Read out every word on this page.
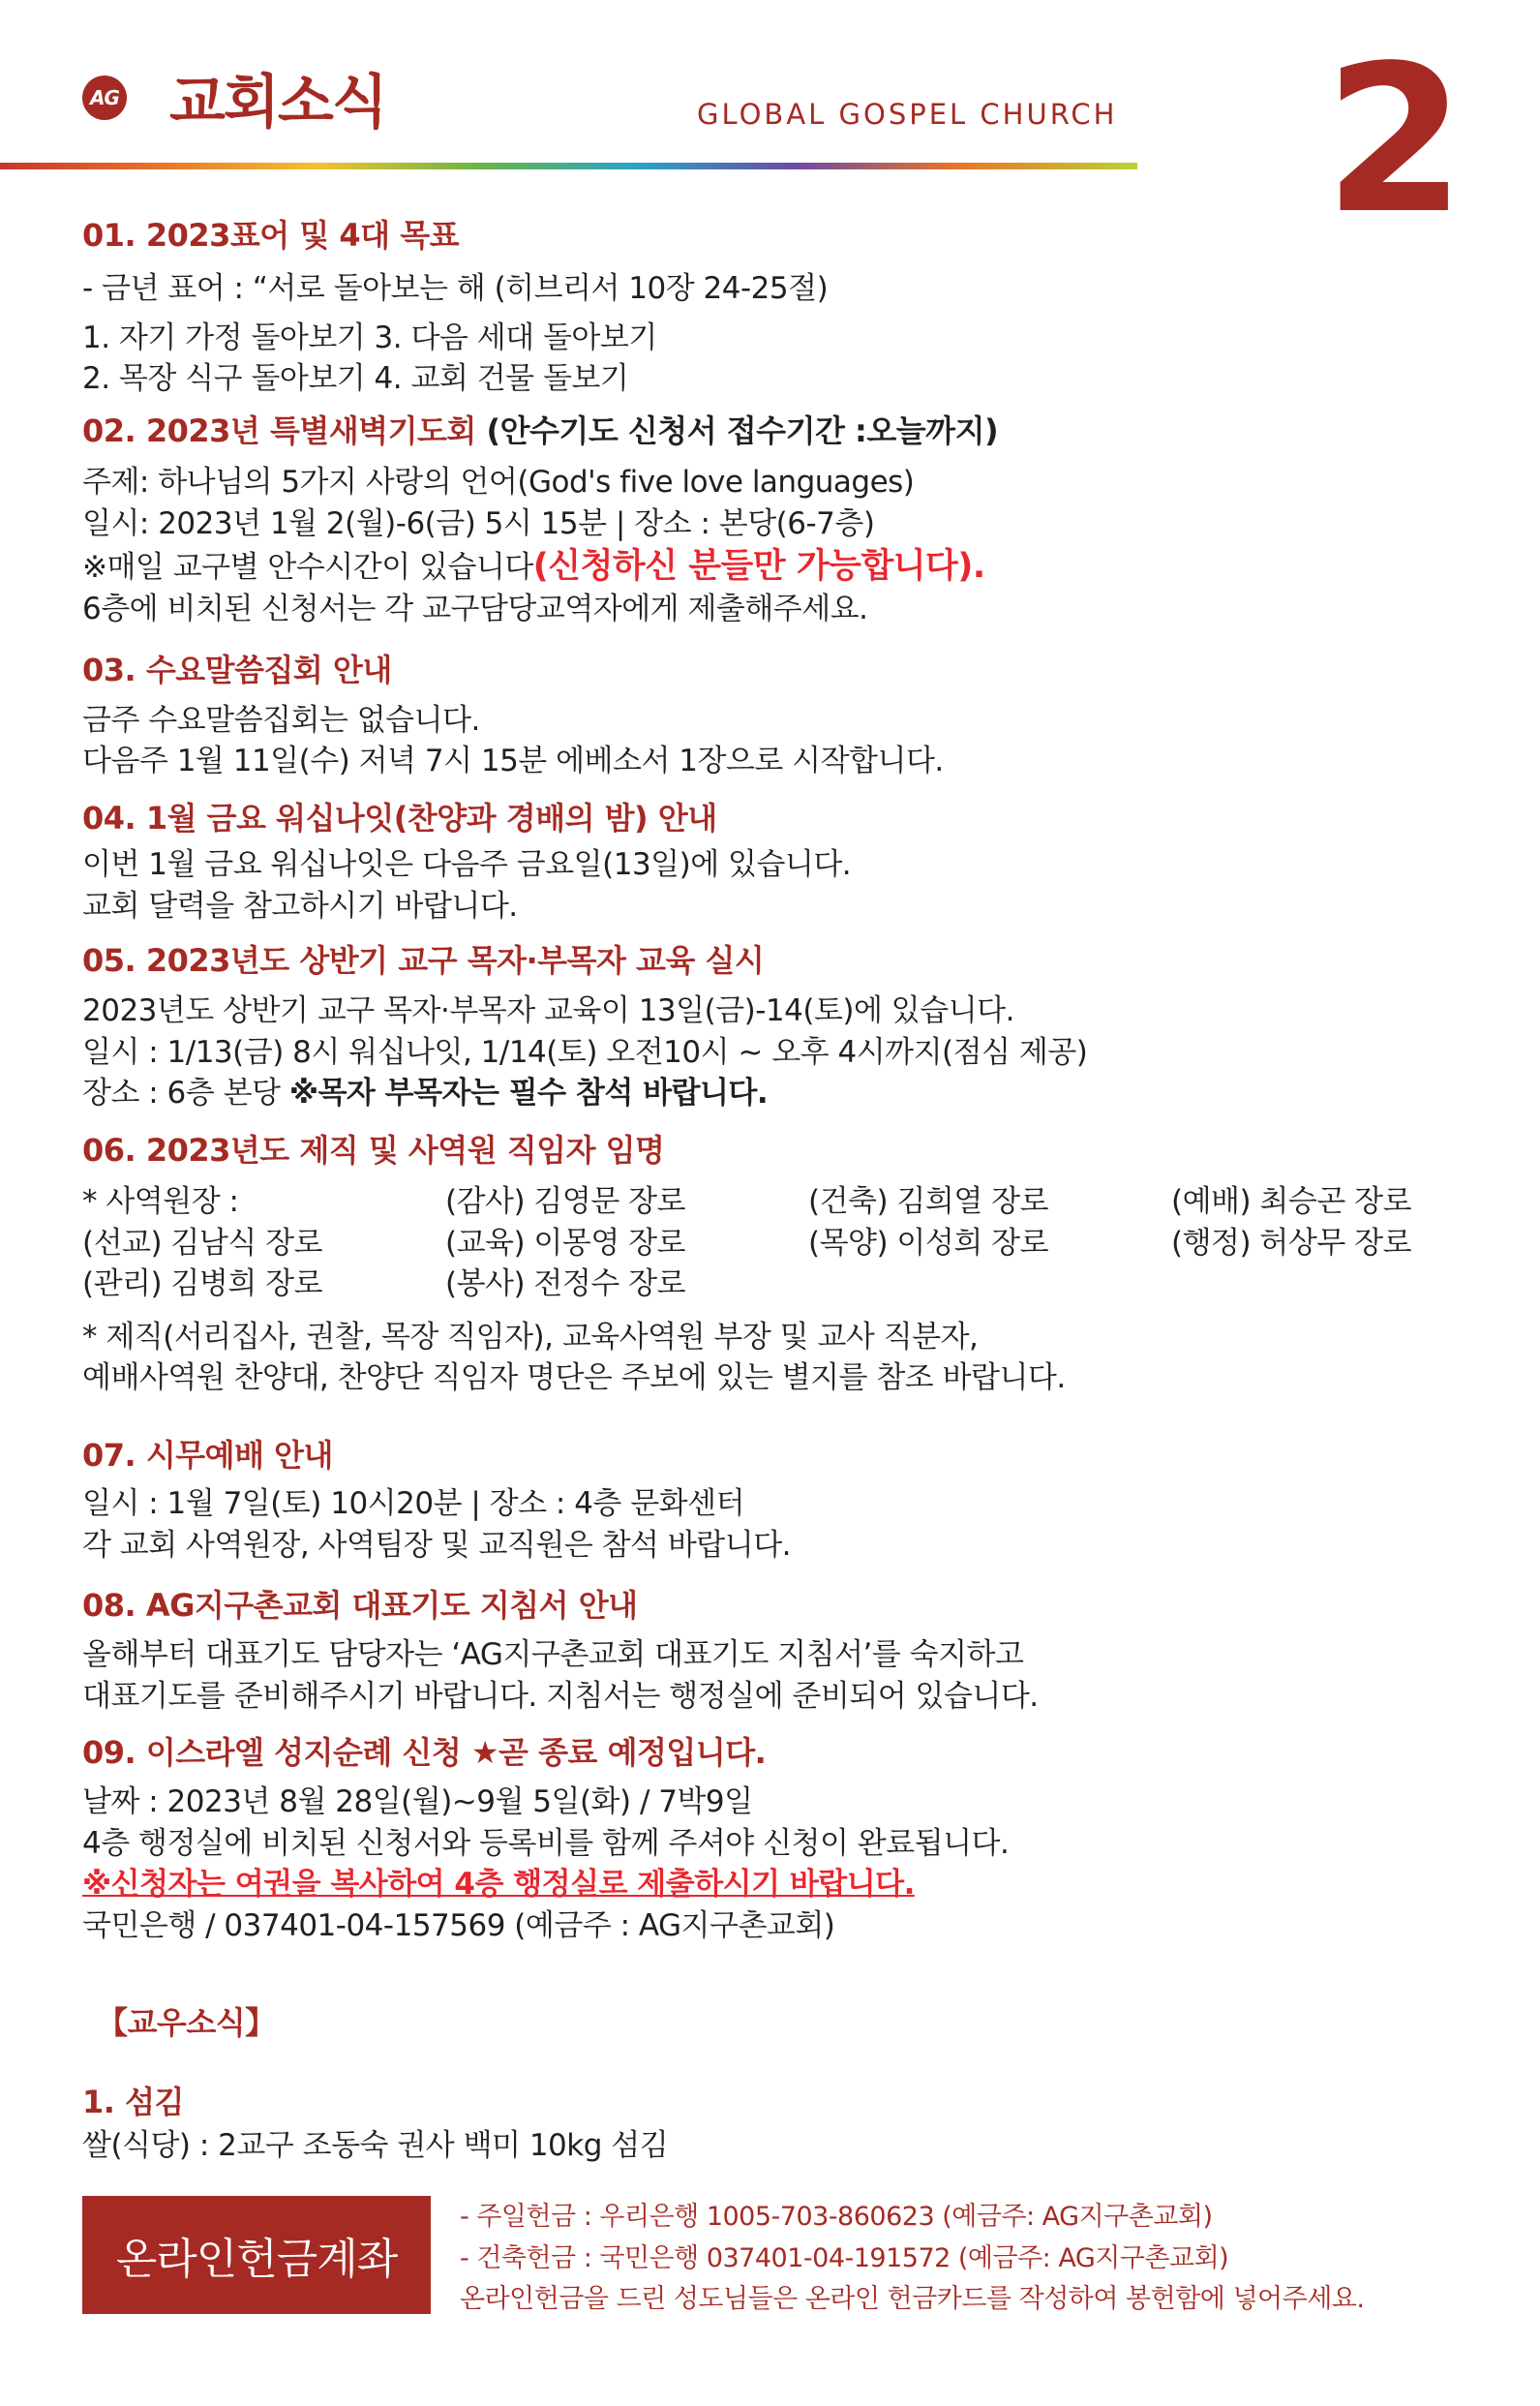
AG 교회소식	GLOBAL GOSPEL CHURCH 2
01. 2023표어 및 4대 목표
- 금년 표어 : “서로 돌아보는 해 (히브리서 10장 24-25절)
1. 자기 가정 돌아보기 3. 다음 세대 돌아보기
2. 목장 식구 돌아보기 4. 교회 건물 돌보기
02. 2023년 특별새벽기도회 (안수기도 신청서 접수기간 :오늘까지)
주제: 하나님의 5가지 사랑의 언어(God's five love languages)
일시: 2023년 1월 2(월)-6(금) 5시 15분 | 장소 : 본당(6-7층)
※매일 교구별 안수시간이 있습니다(신청하신 분들만 가능합니다).
6층에 비치된 신청서는 각 교구담당교역자에게 제출해주세요.
03. 수요말씀집회 안내
금주 수요말씀집회는 없습니다.
다음주 1월 11일(수) 저녁 7시 15분 에베소서 1장으로 시작합니다.
04. 1월 금요 워십나잇(찬양과 경배의 밤) 안내
이번 1월 금요 워십나잇은 다음주 금요일(13일)에 있습니다.
교회 달력을 참고하시기 바랍니다.
05. 2023년도 상반기 교구 목자·부목자 교육 실시
2023년도 상반기 교구 목자·부목자 교육이 13일(금)-14(토)에 있습니다.
일시 : 1/13(금) 8시 워십나잇, 1/14(토) 오전10시 ~ 오후 4시까지(점심 제공)
장소 : 6층 본당 ※목자 부목자는 필수 참석 바랍니다.
06. 2023년도 제직 및 사역원 직임자 임명
* 사역원장 :	(감사) 김영문 장로	(건축) 김희열 장로	(예배) 최승곤 장로
(선교) 김남식 장로	(교육) 이몽영 장로	(목양) 이성희 장로	(행정) 허상무 장로
(관리) 김병희 장로	(봉사) 전정수 장로
* 제직(서리집사, 권찰, 목장 직임자), 교육사역원 부장 및 교사 직분자,
예배사역원 찬양대, 찬양단 직임자 명단은 주보에 있는 별지를 참조 바랍니다.
07. 시무예배 안내
일시 : 1월 7일(토) 10시20분 | 장소 : 4층 문화센터
각 교회 사역원장, 사역팀장 및 교직원은 참석 바랍니다.
08. AG지구촌교회 대표기도 지침서 안내
올해부터 대표기도 담당자는 ‘AG지구촌교회 대표기도 지침서’를 숙지하고
대표기도를 준비해주시기 바랍니다. 지침서는 행정실에 준비되어 있습니다.
09. 이스라엘 성지순례 신청 ★곧 종료 예정입니다.
날짜 : 2023년 8월 28일(월)~9월 5일(화) / 7박9일
4층 행정실에 비치된 신청서와 등록비를 함께 주셔야 신청이 완료됩니다.
※신청자는 여권을 복사하여 4층 행정실로 제출하시기 바랍니다.
국민은행 / 037401-04-157569 (예금주 : AG지구촌교회)
【교우소식】
1. 섬김
쌀(식당) : 2교구 조동숙 권사 백미 10kg 섬김
온라인헌금계좌
- 주일헌금 : 우리은행 1005-703-860623 (예금주: AG지구촌교회)
- 건축헌금 : 국민은행 037401-04-191572 (예금주: AG지구촌교회)
온라인헌금을 드린 성도님들은 온라인 헌금카드를 작성하여 봉헌함에 넣어주세요.
